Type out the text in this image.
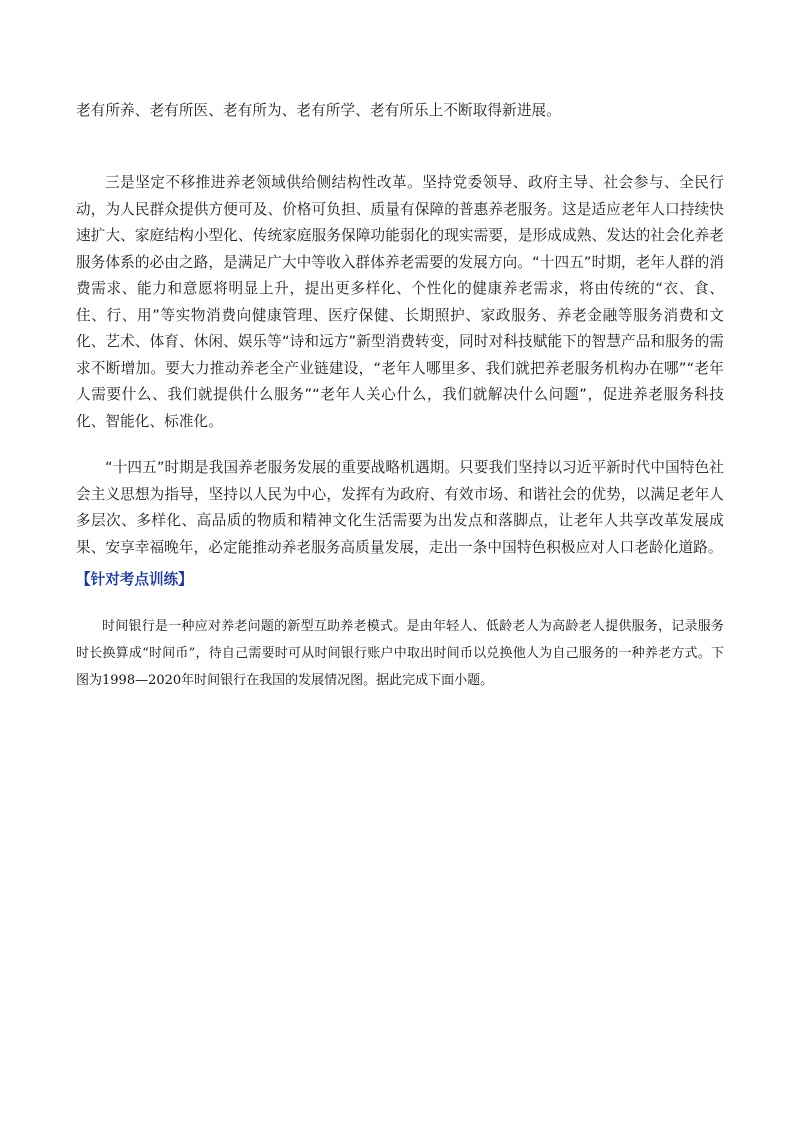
老有所养、老有所医、老有所为、老有所学、老有所乐上不断取得新进展。

三是坚定不移推进养老领域供给侧结构性改革。坚持党委领导、政府主导、社会参与、全民行动，为人民群众提供方便可及、价格可负担、质量有保障的普惠养老服务。这是适应老年人口持续快速扩大、家庭结构小型化、传统家庭服务保障功能弱化的现实需要，是形成成熟、发达的社会化养老服务体系的必由之路，是满足广大中等收入群体养老需要的发展方向。“十四五”时期，老年人群的消费需求、能力和意愿将明显上升，提出更多样化、个性化的健康养老需求，将由传统的“衣、食、住、行、用”等实物消费向健康管理、医疗保健、长期照护、家政服务、养老金融等服务消费和文化、艺术、体育、休闲、娱乐等“诗和远方”新型消费转变，同时对科技赋能下的智慧产品和服务的需求不断增加。要大力推动养老全产业链建设，“老年人哪里多、我们就把养老服务机构办在哪”“老年人需要什么、我们就提供什么服务”“老年人关心什么，我们就解决什么问题”，促进养老服务科技化、智能化、标准化。

“十四五”时期是我国养老服务发展的重要战略机遇期。只要我们坚持以习近平新时代中国特色社会主义思想为指导，坚持以人民为中心，发挥有为政府、有效市场、和谐社会的优势，以满足老年人多层次、多样化、高品质的物质和精神文化生活需要为出发点和落脚点，让老年人共享改革发展成果、安享幸福晚年，必定能推动养老服务高质量发展，走出一条中国特色积极应对人口老龄化道路。

【针对考点训练】

时间银行是一种应对养老问题的新型互助养老模式。是由年轻人、低龄老人为高龄老人提供服务，记录服务时长换算成“时间币”，待自己需要时可从时间银行账户中取出时间币以兑换他人为自己服务的一种养老方式。下图为1998—2020年时间银行在我国的发展情况图。据此完成下面小题。
